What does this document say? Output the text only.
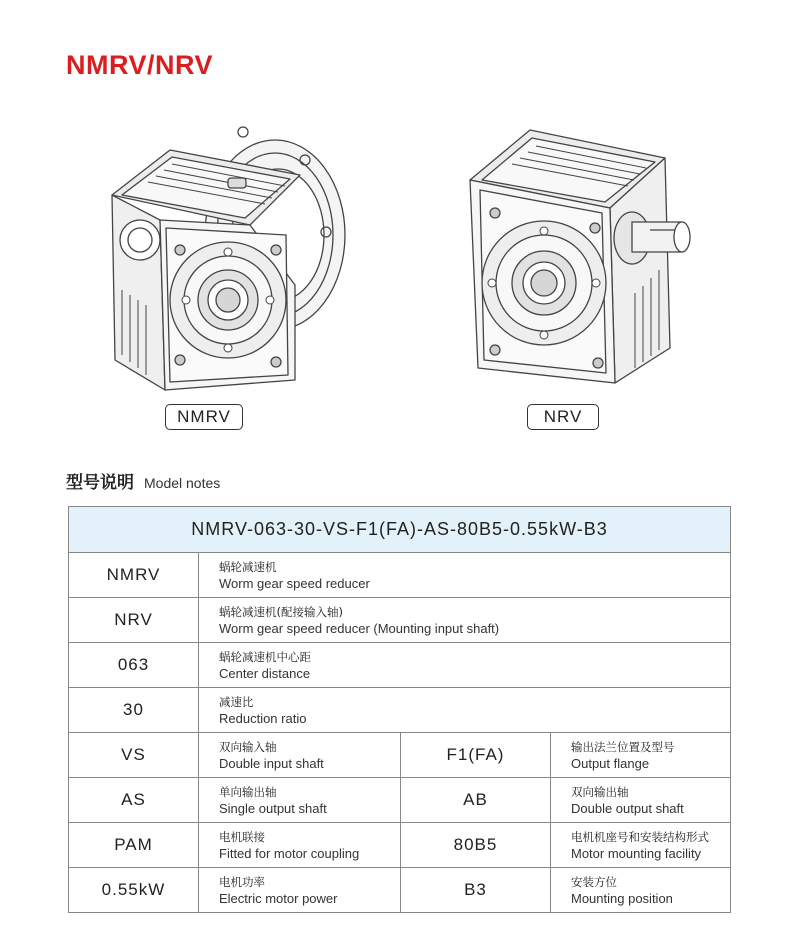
NMRV/NRV
NMRV	NRV
型号说明 Model notes
NMRV-063-30-VS-F1(FA)-AS-80B5-0.55kW-B3			
NMRV	蜗轮减速机
Worm gear speed reducer		

NRV	蜗轮减速机(配接输入轴)
Worm gear speed reducer (Mounting input shaft)		

063	蜗轮减速机中心距
Center distance		

30	减速比
Reduction ratio		

VS	双向输入轴
Double input shaft	F1(FA)	输出法兰位置及型号
Output flange

AS	单向输出轴
Single output shaft	AB	双向输出轴
Double output shaft

PAM	电机联接
Fitted for motor coupling	80B5	电机机座号和安装结构形式
Motor mounting facility

0.55kW	电机功率
Electric motor power	B3	安装方位
Mounting position
